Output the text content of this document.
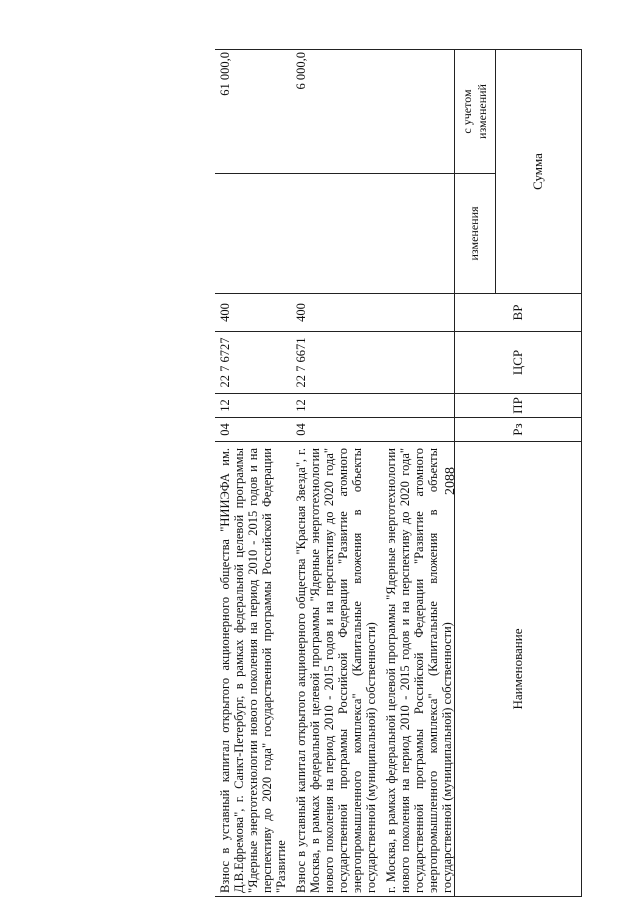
2088
Наименование	Рз	ПР	ЦСР	ВР	Сумма	

					изменения	с учетом
изменений

г. Москва, в рамках федеральной целевой программы "Ядерные энерготехнологии нового поколения на период 2010 - 2015 годов и на перспективу до 2020 года" государственной программы Российской Федерации "Развитие атомного энергопромышленного комплекса" (Капитальные вложения в объекты государственной (муниципальной) собственности)						

Взнос в уставный капитал открытого акционерного общества "Красная Звезда", г. Москва, в рамках федеральной целевой программы "Ядерные энерготехнологии нового поколения на период 2010 - 2015 годов и на перспективу до 2020 года" государственной программы Российской Федерации "Развитие атомного энергопромышленного комплекса" (Капитальные вложения в объекты государственной (муниципальной) собственности)	04	12	22 7 6671	400		6 000,0

Взнос в уставный капитал открытого акционерного общества "НИИЭФА им. Д.В.Ефремова", г. Санкт-Петербург, в рамках федеральной целевой программы "Ядерные энерготехнологии нового поколения на период 2010 - 2015 годов и на перспективу до 2020 года" государственной программы Российской Федерации "Развитие	04	12	22 7 6727	400		61 000,0
